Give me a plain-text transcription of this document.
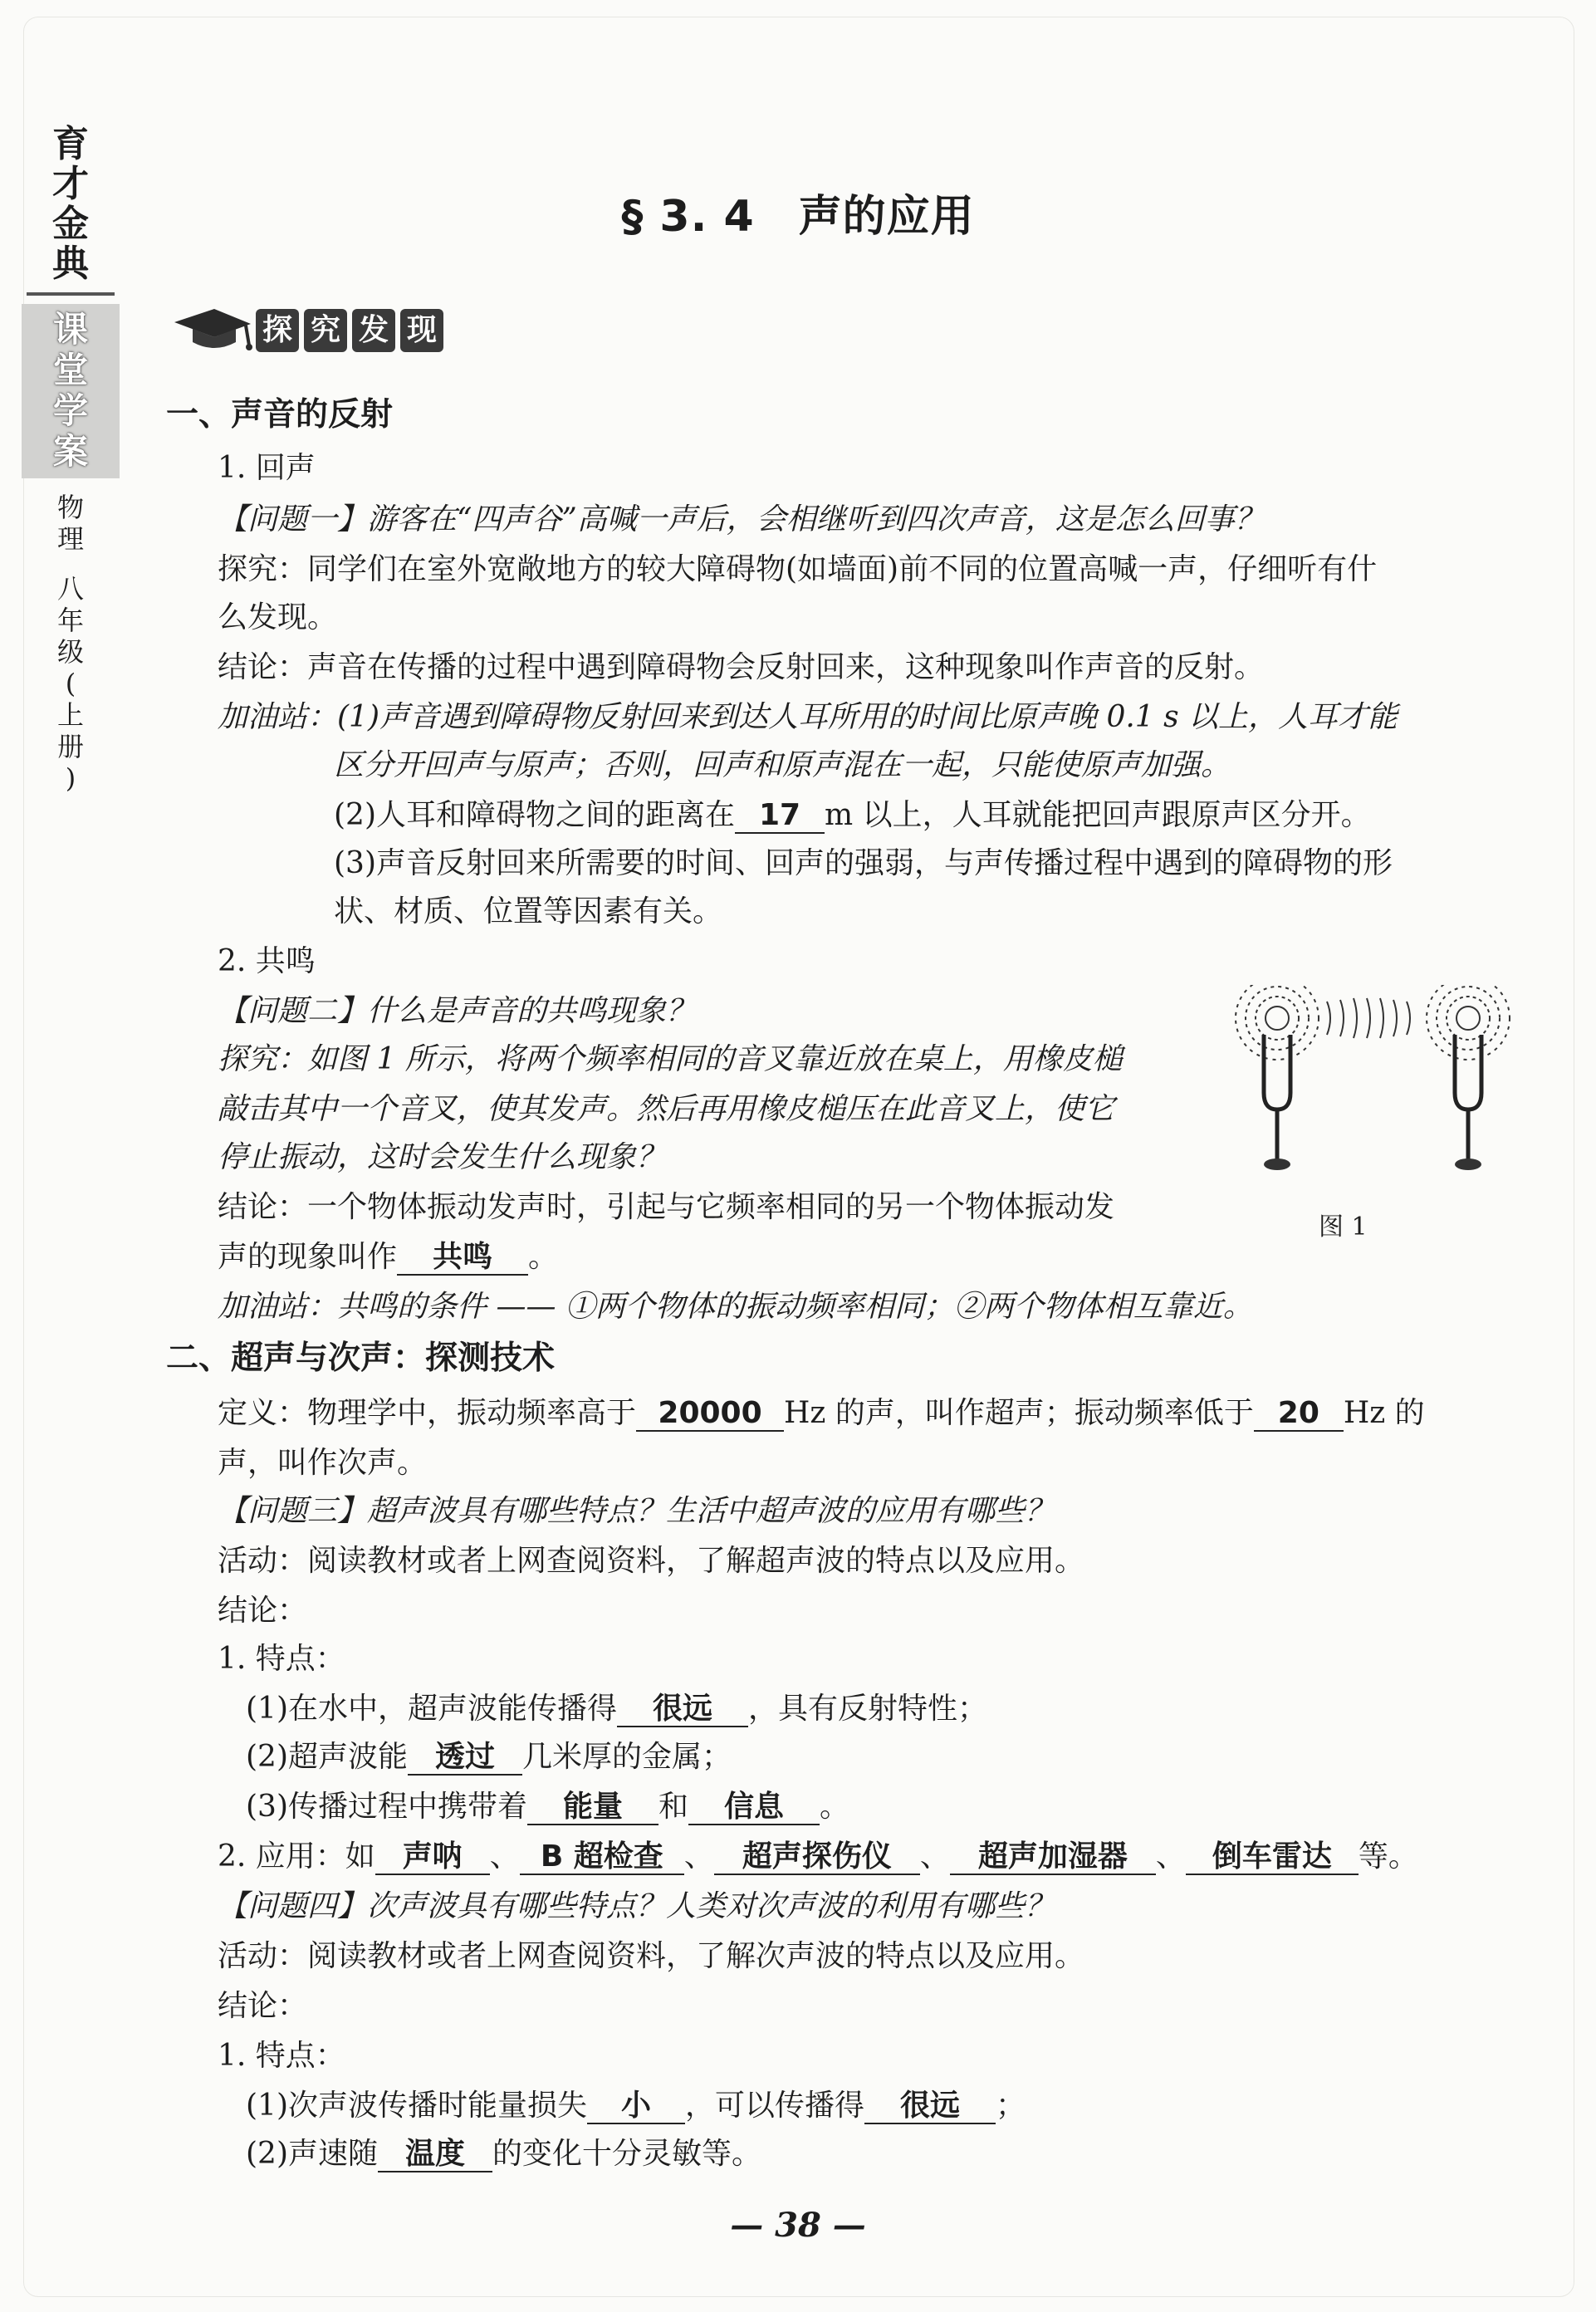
育
才
金
典
课
堂
学
案
物
理
八
年
级
(
上
册
)
§ 3. 4　声的应用
探 究 发 现
一、声音的反射
1. 回声
【问题一】游客在“四声谷”高喊一声后，会相继听到四次声音，这是怎么回事？
探究：同学们在室外宽敞地方的较大障碍物(如墙面)前不同的位置高喊一声，仔细听有什
么发现。
结论：声音在传播的过程中遇到障碍物会反射回来，这种现象叫作声音的反射。
加油站：(1)声音遇到障碍物反射回来到达人耳所用的时间比原声晚 0.1 s 以上，人耳才能
区分开回声与原声；否则，回声和原声混在一起，只能使原声加强。
(2)人耳和障碍物之间的距离在 17 m 以上，人耳就能把回声跟原声区分开。
(3)声音反射回来所需要的时间、回声的强弱，与声传播过程中遇到的障碍物的形
状、材质、位置等因素有关。
2. 共鸣
【问题二】什么是声音的共鸣现象？
探究：如图 1 所示，将两个频率相同的音叉靠近放在桌上，用橡皮槌
敲击其中一个音叉，使其发声。然后再用橡皮槌压在此音叉上，使它
停止振动，这时会发生什么现象？
结论：一个物体振动发声时，引起与它频率相同的另一个物体振动发
声的现象叫作 共鸣 。
加油站：共鸣的条件 —— ①两个物体的振动频率相同；②两个物体相互靠近。
图 1
二、超声与次声：探测技术
定义：物理学中，振动频率高于 20000 Hz 的声，叫作超声；振动频率低于 20 Hz 的
声，叫作次声。
【问题三】超声波具有哪些特点？生活中超声波的应用有哪些？
活动：阅读教材或者上网查阅资料，了解超声波的特点以及应用。
结论：
1. 特点：
(1)在水中，超声波能传播得 很远 ，具有反射特性；
(2)超声波能 透过 几米厚的金属；
(3)传播过程中携带着 能量 和 信息 。
2. 应用：如 声呐 、 B 超检查 、 超声探伤仪 、 超声加湿器 、 倒车雷达 等。
【问题四】次声波具有哪些特点？人类对次声波的利用有哪些？
活动：阅读教材或者上网查阅资料，了解次声波的特点以及应用。
结论：
1. 特点：
(1)次声波传播时能量损失 小 ，可以传播得 很远 ；
(2)声速随 温度 的变化十分灵敏等。
— 38 —
